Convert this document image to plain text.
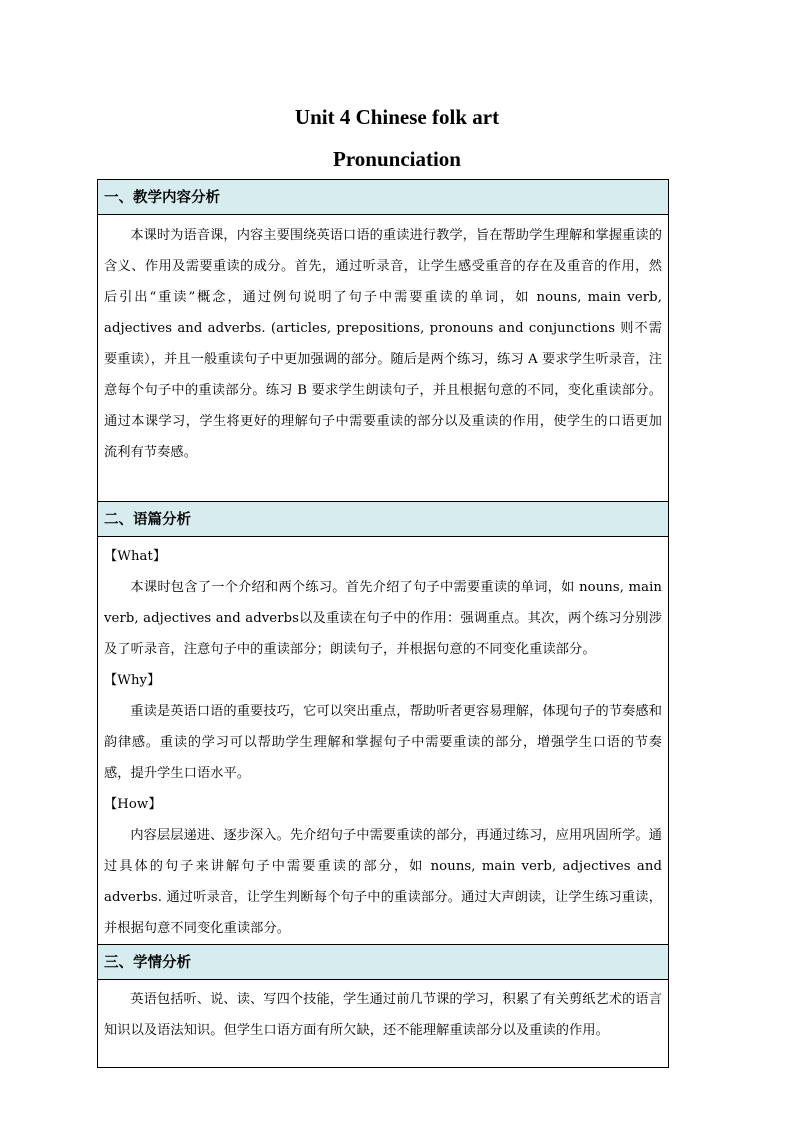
Unit 4 Chinese folk art
Pronunciation
一、教学内容分析

本课时为语音课，内容主要围绕英语口语的重读进行教学，旨在帮助学生理解和掌握重读的含义、作用及需要重读的成分。首先，通过听录音，让学生感受重音的存在及重音的作用，然后引出“重读”概念，通过例句说明了句子中需要重读的单词，如 nouns, main verb, adjectives and adverbs. (articles, prepositions, pronouns and conjunctions 则不需要重读），并且一般重读句子中更加强调的部分。随后是两个练习，练习 A 要求学生听录音，注意每个句子中的重读部分。练习 B 要求学生朗读句子，并且根据句意的不同，变化重读部分。通过本课学习，学生将更好的理解句子中需要重读的部分以及重读的作用，使学生的口语更加流利有节奏感。

二、语篇分析

【What】

本课时包含了一个介绍和两个练习。首先介绍了句子中需要重读的单词，如 nouns, main verb, adjectives and adverbs以及重读在句子中的作用：强调重点。其次，两个练习分别涉及了听录音，注意句子中的重读部分；朗读句子，并根据句意的不同变化重读部分。

【Why】

重读是英语口语的重要技巧，它可以突出重点，帮助听者更容易理解，体现句子的节奏感和韵律感。重读的学习可以帮助学生理解和掌握句子中需要重读的部分，增强学生口语的节奏感，提升学生口语水平。

【How】

内容层层递进、逐步深入。先介绍句子中需要重读的部分，再通过练习，应用巩固所学。通过具体的句子来讲解句子中需要重读的部分，如 nouns, main verb, adjectives and adverbs. 通过听录音，让学生判断每个句子中的重读部分。通过大声朗读，让学生练习重读，并根据句意不同变化重读部分。

三、学情分析

英语包括听、说、读、写四个技能，学生通过前几节课的学习，积累了有关剪纸艺术的语言知识以及语法知识。但学生口语方面有所欠缺，还不能理解重读部分以及重读的作用。
